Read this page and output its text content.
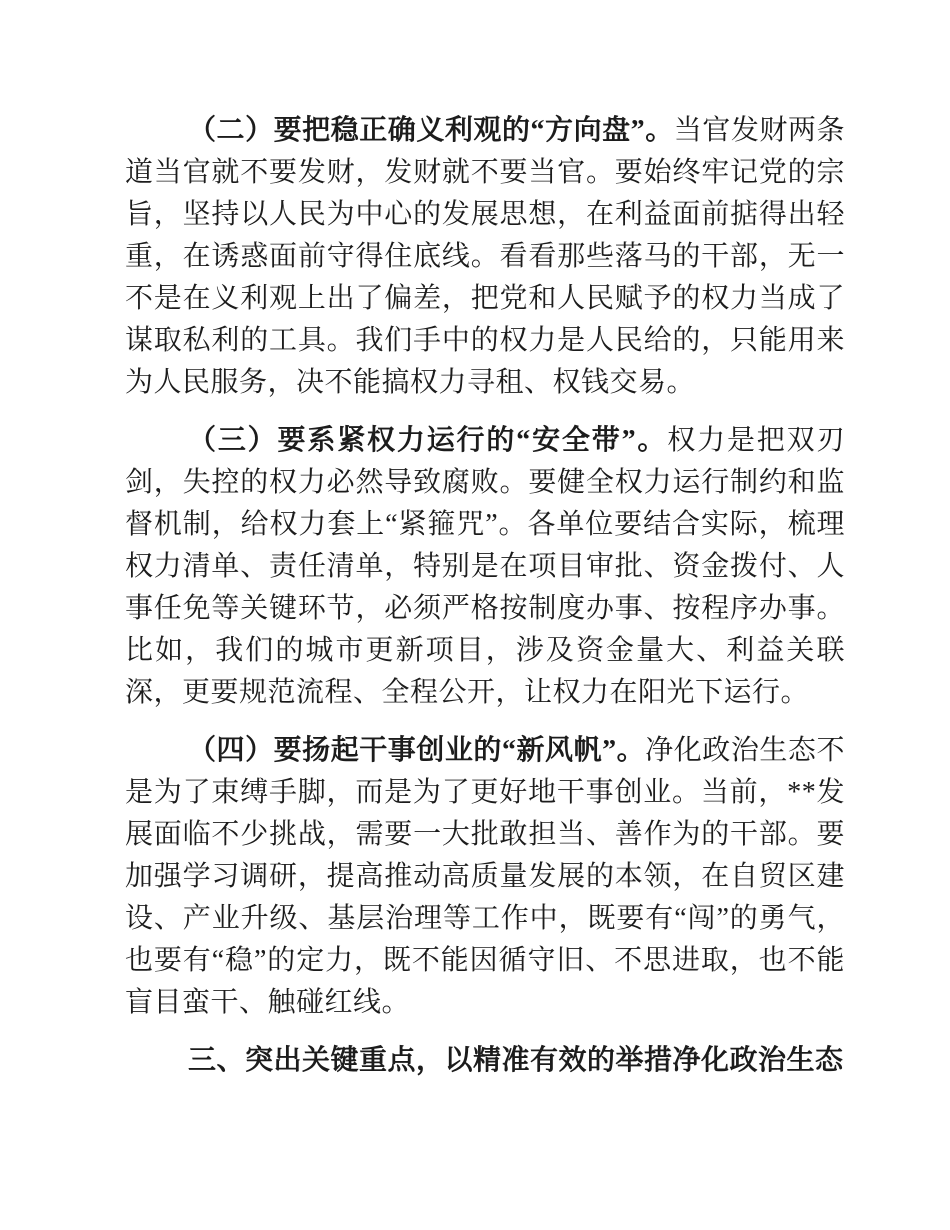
（二）要把稳正确义利观的“方向盘”。当官发财两条道当官就不要发财，发财就不要当官。要始终牢记党的宗旨，坚持以人民为中心的发展思想，在利益面前掂得出轻重，在诱惑面前守得住底线。看看那些落马的干部，无一不是在义利观上出了偏差，把党和人民赋予的权力当成了谋取私利的工具。我们手中的权力是人民给的，只能用来为人民服务，决不能搞权力寻租、权钱交易。

（三）要系紧权力运行的“安全带”。权力是把双刃剑，失控的权力必然导致腐败。要健全权力运行制约和监督机制，给权力套上“紧箍咒”。各单位要结合实际，梳理权力清单、责任清单，特别是在项目审批、资金拨付、人事任免等关键环节，必须严格按制度办事、按程序办事。比如，我们的城市更新项目，涉及资金量大、利益关联深，更要规范流程、全程公开，让权力在阳光下运行。

（四）要扬起干事创业的“新风帆”。净化政治生态不是为了束缚手脚，而是为了更好地干事创业。当前，**发展面临不少挑战，需要一大批敢担当、善作为的干部。要加强学习调研，提高推动高质量发展的本领，在自贸区建设、产业升级、基层治理等工作中，既要有“闯”的勇气，也要有“稳”的定力，既不能因循守旧、不思进取，也不能盲目蛮干、触碰红线。

三、突出关键重点，以精准有效的举措净化政治生态
